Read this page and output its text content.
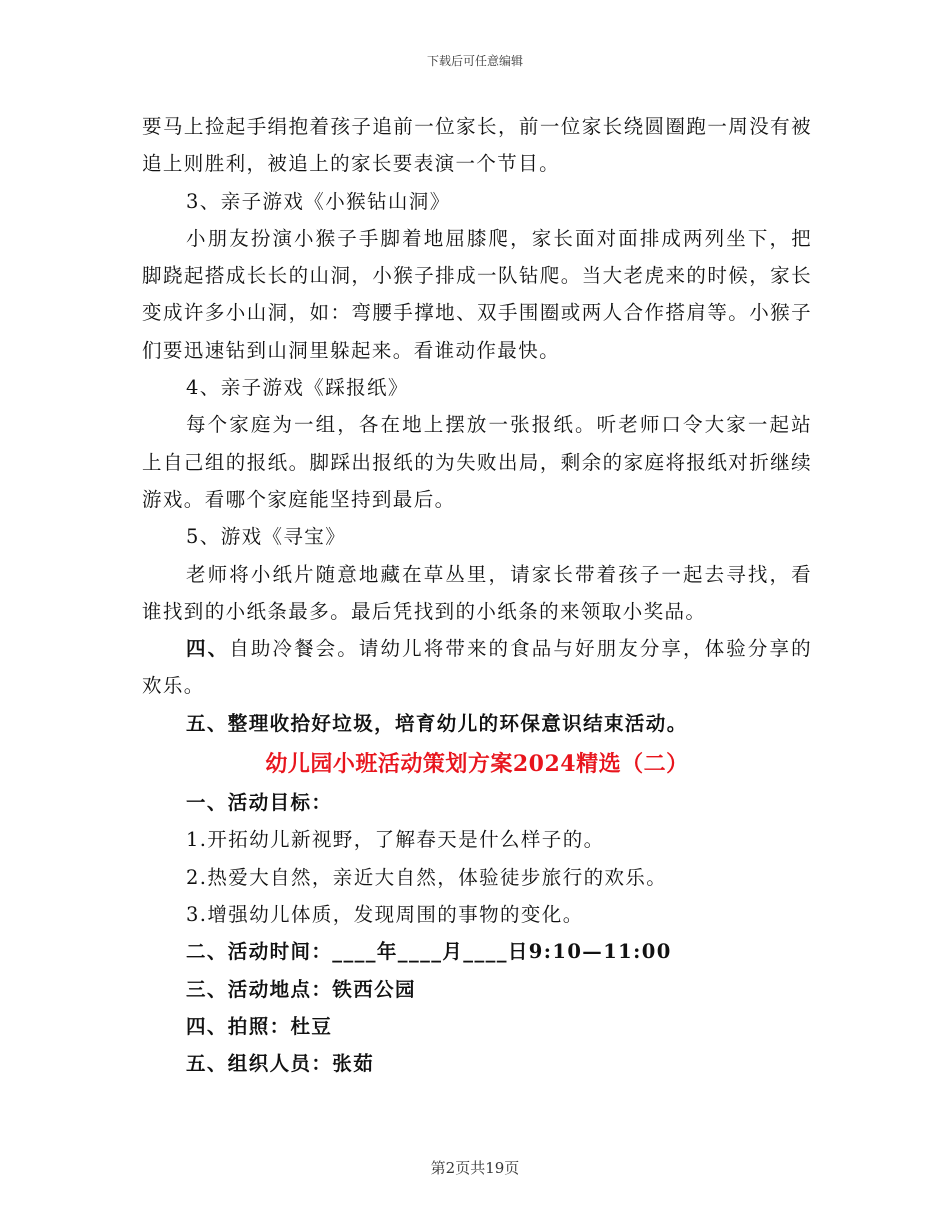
下载后可任意编辑

要马上捡起手绢抱着孩子追前一位家长，前一位家长绕圆圈跑一周没有被追上则胜利，被追上的家长要表演一个节目。

3、亲子游戏《小猴钻山洞》

小朋友扮演小猴子手脚着地屈膝爬，家长面对面排成两列坐下，把脚跷起搭成长长的山洞，小猴子排成一队钻爬。当大老虎来的时候，家长变成许多小山洞，如：弯腰手撑地、双手围圈或两人合作搭肩等。小猴子们要迅速钻到山洞里躲起来。看谁动作最快。

4、亲子游戏《踩报纸》

每个家庭为一组，各在地上摆放一张报纸。听老师口令大家一起站上自己组的报纸。脚踩出报纸的为失败出局，剩余的家庭将报纸对折继续游戏。看哪个家庭能坚持到最后。

5、游戏《寻宝》

老师将小纸片随意地藏在草丛里，请家长带着孩子一起去寻找，看谁找到的小纸条最多。最后凭找到的小纸条的来领取小奖品。

四、自助冷餐会。请幼儿将带来的食品与好朋友分享，体验分享的欢乐。

五、整理收拾好垃圾，培育幼儿的环保意识结束活动。

幼儿园小班活动策划方案2024精选（二）

一、活动目标：

1.开拓幼儿新视野，了解春天是什么样子的。

2.热爱大自然，亲近大自然，体验徒步旅行的欢乐。

3.增强幼儿体质，发现周围的事物的变化。

二、活动时间：____年____月____日9:10—11:00

三、活动地点：铁西公园

四、拍照：杜豆

五、组织人员：张茹

第2页共19页
